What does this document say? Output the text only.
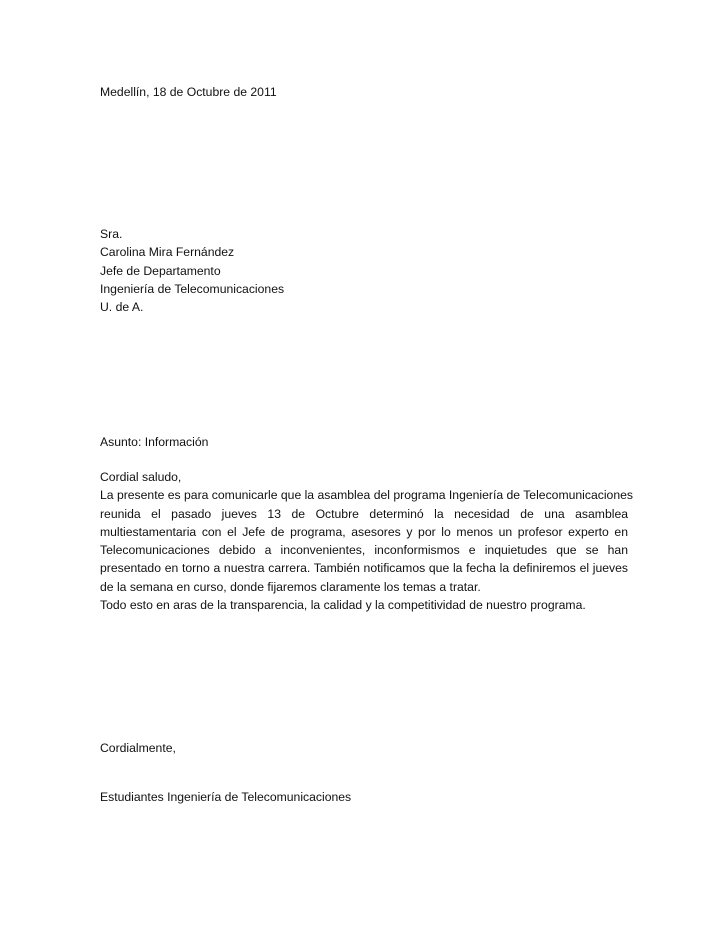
Medellín, 18 de Octubre de 2011
Sra.
Carolina Mira Fernández
Jefe de Departamento
Ingeniería de Telecomunicaciones
U. de A.
Asunto: Información
Cordial saludo,
La presente es para comunicarle que la asamblea del programa Ingeniería de Telecomunicaciones
reunida el pasado jueves 13 de Octubre determinó la necesidad de una asamblea
multiestamentaria con el Jefe de programa, asesores y por lo menos un profesor experto en
Telecomunicaciones debido a inconvenientes, inconformismos e inquietudes que se han
presentado en torno a nuestra carrera. También notificamos que la fecha la definiremos el jueves
de la semana en curso, donde fijaremos claramente los temas a tratar.
Todo esto en aras de la transparencia, la calidad y la competitividad de nuestro programa.
Cordialmente,
Estudiantes Ingeniería de Telecomunicaciones
